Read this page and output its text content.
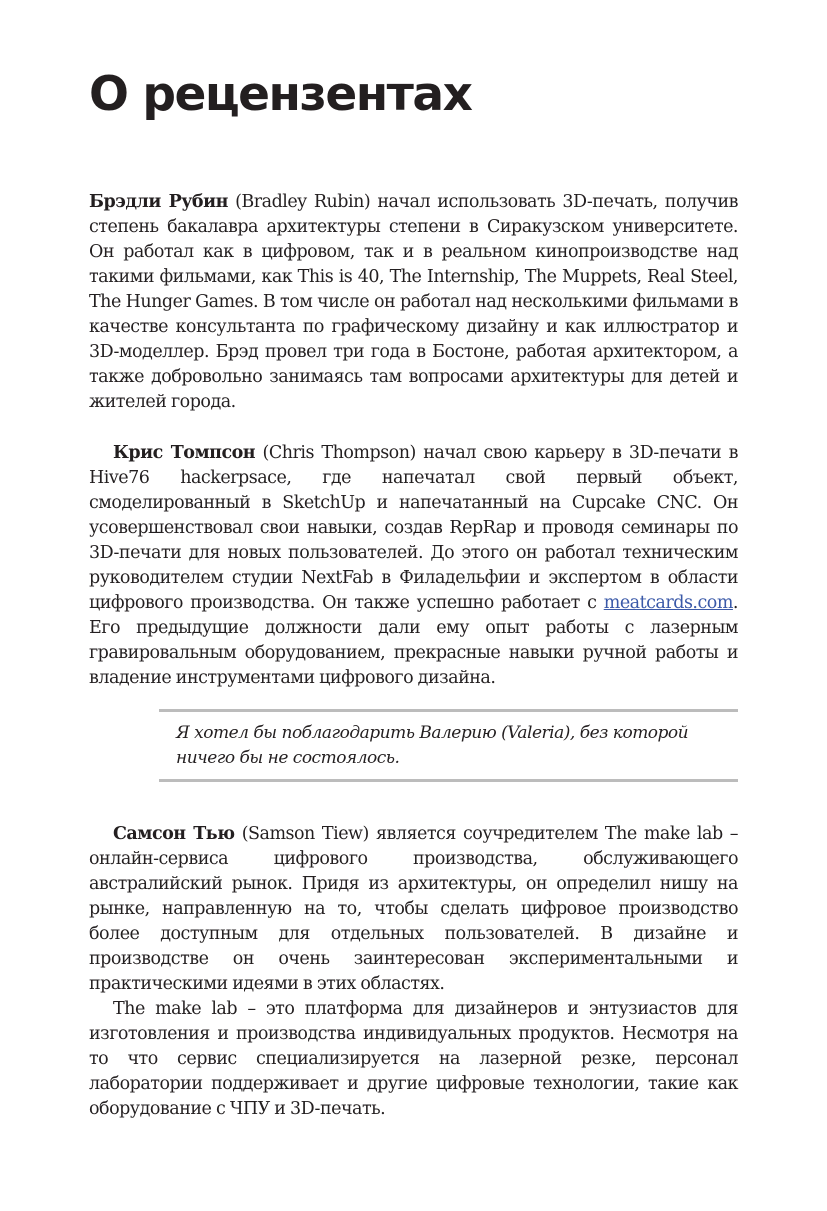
О рецензентах

Брэдли Рубин (Bradley Rubin) начал использовать 3D-печать, получив степень бакалавра архитектуры степени в Сиракузском университете. Он работал как в цифровом, так и в реальном кинопроизводстве над такими фильмами, как This is 40, The Internship, The Muppets, Real Steel, The Hunger Games. В том числе он работал над несколькими фильмами в качестве консультанта по графическому дизайну и как иллюстратор и 3D-моделлер. Брэд провел три года в Бостоне, работая архитектором, а также добровольно занимаясь там вопросами архитектуры для детей и жителей города.

Крис Томпсон (Chris Thompson) начал свою карьеру в 3D-печати в Hive76 hackerpsace, где напечатал свой первый объект, смоделированный в SketchUp и напечатанный на Cupcake CNC. Он усовершенствовал свои навыки, создав RepRap и проводя семинары по 3D-печати для новых пользователей. До этого он работал техническим руководителем студии NextFab в Филадельфии и экспертом в области цифрового производства. Он также успешно работает с meatcards.com. Его предыдущие должности дали ему опыт работы с лазерным гравировальным оборудованием, прекрасные навыки ручной работы и владение инструментами цифрового дизайна.

Я хотел бы поблагодарить Валерию (Valeria), без которой ничего бы не состоялось.

Самсон Тью (Samson Tiew) является соучредителем The make lab – онлайн-сервиса цифрового производства, обслуживающего австралийский рынок. Придя из архитектуры, он определил нишу на рынке, направленную на то, чтобы сделать цифровое производство более доступным для отдельных пользователей. В дизайне и производстве он очень заинтересован экспериментальными и практическими идеями в этих областях.

The make lab – это платформа для дизайнеров и энтузиастов для изготовления и производства индивидуальных продуктов. Несмотря на то что сервис специализируется на лазерной резке, персонал лаборатории поддерживает и другие цифровые технологии, такие как оборудование с ЧПУ и 3D-печать.
